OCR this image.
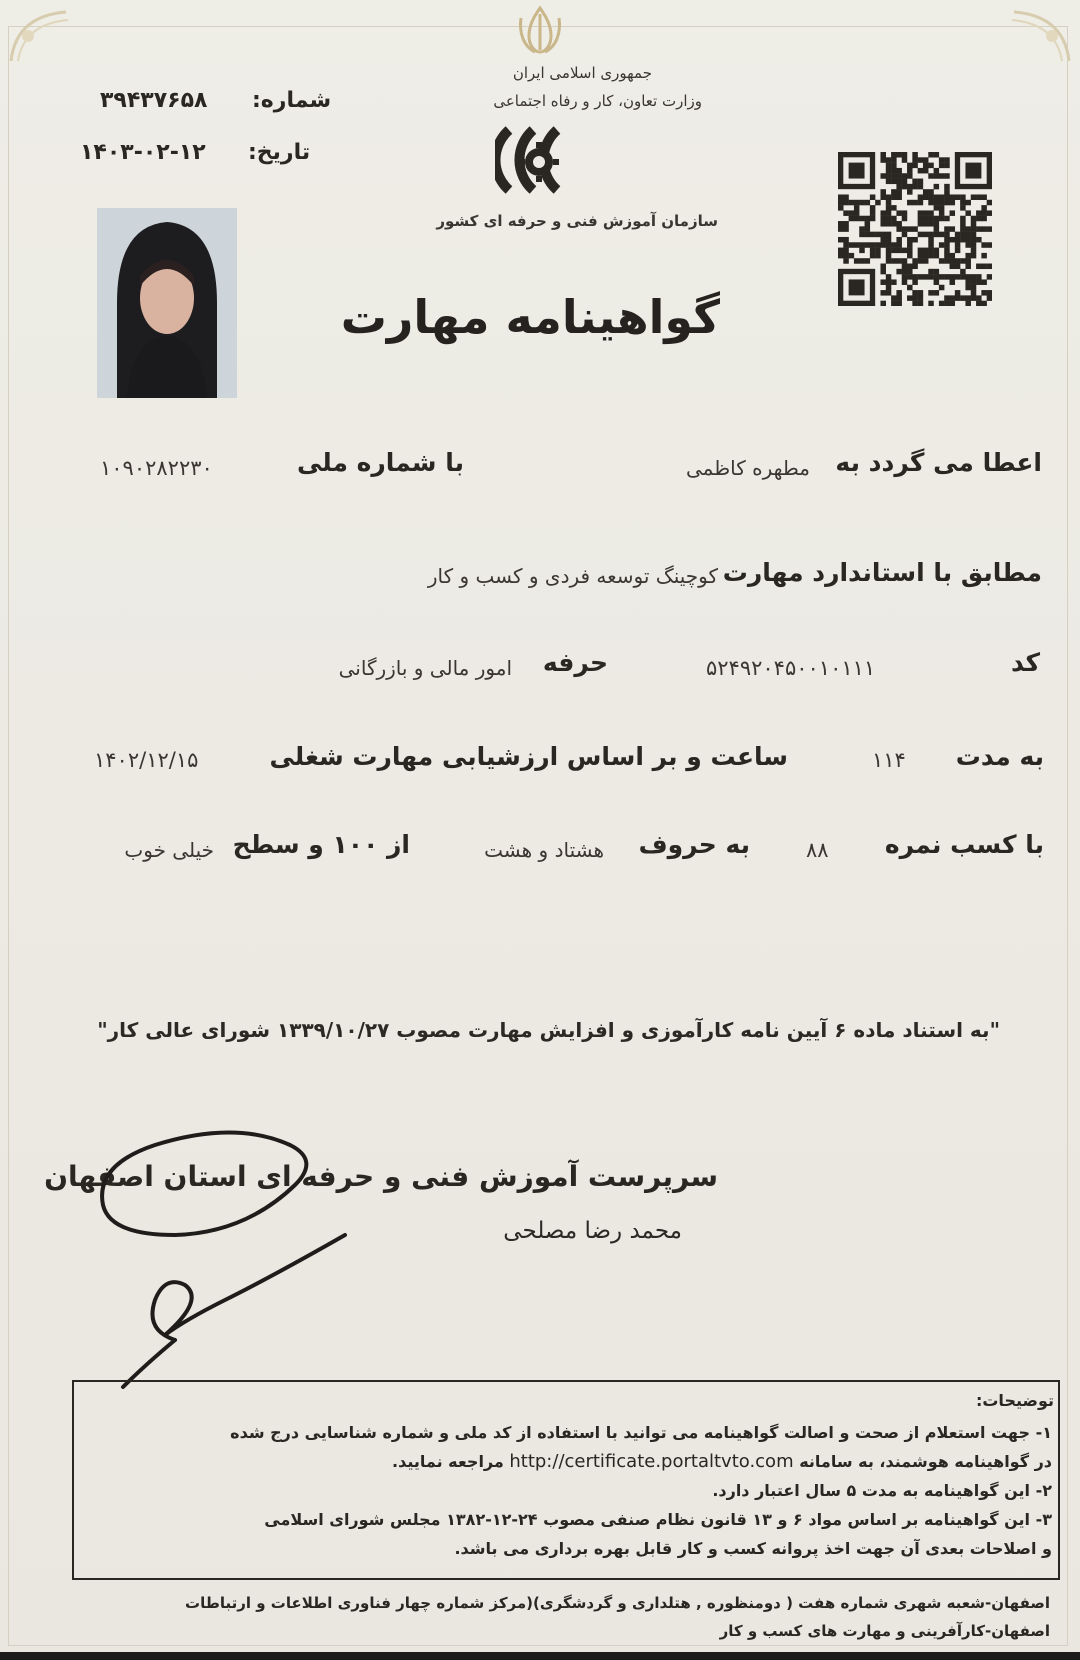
جمهوری اسلامی ایران
وزارت تعاون، کار و رفاه اجتماعی
شماره:
۳۹۴۳۷۶۵۸
تاریخ:
۱۴۰۳-۰۲-۱۲
سازمان آموزش فنی و حرفه ای کشور
گواهینامه مهارت
اعطا می گردد به
مطهره کاظمی
با شماره ملی
۱۰۹۰۲۸۲۲۳۰
مطابق با استاندارد مهارت
کوچینگ توسعه فردی و کسب و کار
کد
۵۲۴۹۲۰۴۵۰۰۱۰۱۱۱
حرفه
امور مالی و بازرگانی
به مدت
۱۱۴
ساعت و بر اساس ارزشیابی مهارت شغلی
۱۴۰۲/۱۲/۱۵
با کسب نمره
۸۸
به حروف
هشتاد و هشت
از ۱۰۰ و سطح
خیلی خوب
"به استناد ماده ۶ آیین نامه کارآموزی و افزایش مهارت مصوب ۱۳۳۹/۱۰/۲۷ شورای عالی کار"
سرپرست آموزش فنی و حرفه ای استان اصفهان
محمد رضا مصلحی
توضیحات:
۱- جهت استعلام از صحت و اصالت گواهینامه می توانید با استفاده از کد ملی و شماره شناسایی درج شده
در گواهینامه هوشمند، به سامانه http://certificate.portaltvto.com مراجعه نمایید.
۲- این گواهینامه به مدت ۵ سال اعتبار دارد.
۳- این گواهینامه بر اساس مواد ۶ و ۱۳ قانون نظام صنفی مصوب ۲۴-۱۲-۱۳۸۲ مجلس شورای اسلامی
و اصلاحات بعدی آن جهت اخذ پروانه کسب و کار قابل بهره برداری می باشد.
اصفهان-شعبه شهری شماره هفت ( دومنظوره , هتلداری و گردشگری)(مرکز شماره چهار فناوری اطلاعات و ارتباطات
اصفهان-کارآفرینی و مهارت های کسب و کار
